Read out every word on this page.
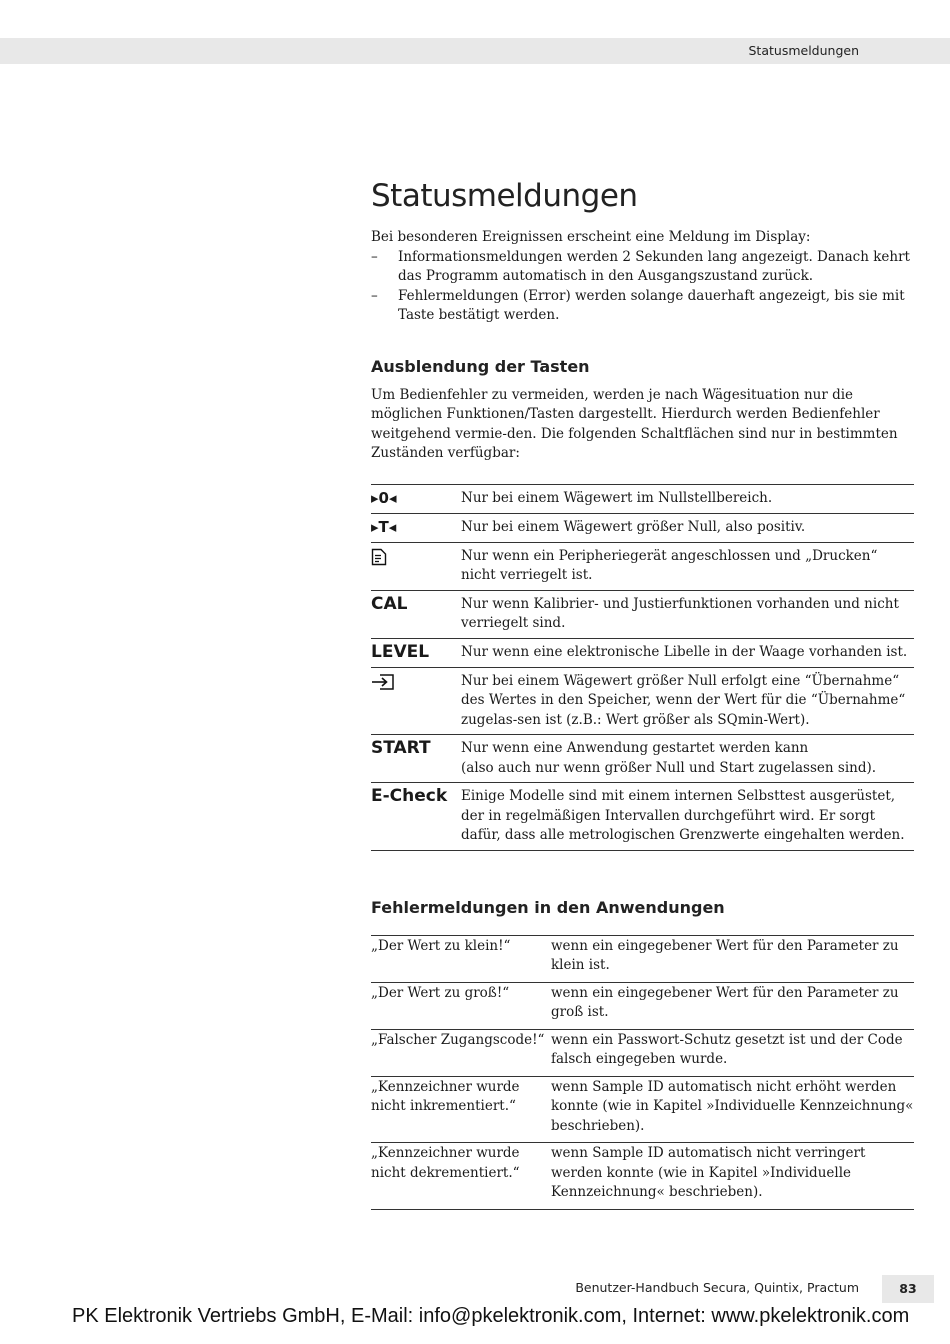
Statusmeldungen
Statusmeldungen

Bei besonderen Ereignissen erscheint eine Meldung im Display:

– Informationsmeldungen werden 2 Sekunden lang angezeigt. Danach kehrt das Programm automatisch in den Ausgangszustand zurück.
– Fehlermeldungen (Error) werden solange dauerhaft angezeigt, bis sie mit Taste bestätigt werden.
Ausblendung der Tasten
Um Bedienfehler zu vermeiden, werden je nach Wägesituation nur die möglichen Funktionen/Tasten dargestellt. Hierdurch werden Bedienfehler weitgehend vermie-den. Die folgenden Schaltflächen sind nur in bestimmten Zuständen verfügbar:
▸0◂	Nur bei einem Wägewert im Nullstellbereich.
▸T◂	Nur bei einem Wägewert größer Null, also positiv.

	Nur wenn ein Peripheriegerät angeschlossen und „Drucken“ nicht verriegelt ist.
CAL	Nur wenn Kalibrier- und Justierfunktionen vorhanden und nicht verriegelt sind.
LEVEL	Nur wenn eine elektronische Libelle in der Waage vorhanden ist.

	Nur bei einem Wägewert größer Null erfolgt eine “Übernahme“ des Wertes in den Speicher, wenn der Wert für die “Übernahme“ zugelas-sen ist (z.B.: Wert größer als SQmin-Wert).
START	Nur wenn eine Anwendung gestartet werden kann
(also auch nur wenn größer Null und Start zugelassen sind).

E-Check	Einige Modelle sind mit einem internen Selbsttest ausgerüstet, der in regelmäßigen Intervallen durchgeführt wird. Er sorgt dafür, dass alle metrologischen Grenzwerte eingehalten werden.
Fehlermeldungen in den Anwendungen
„Der Wert zu klein!“	wenn ein eingegebener Wert für den Parameter zu klein ist.
„Der Wert zu groß!“	wenn ein eingegebener Wert für den Parameter zu groß ist.
„Falscher Zugangscode!“	wenn ein Passwort-Schutz gesetzt ist und der Code falsch eingegeben wurde.
„Kennzeichner wurde nicht inkrementiert.“	wenn Sample ID automatisch nicht erhöht werden konnte (wie in Kapitel »Individuelle Kennzeichnung« beschrieben).
„Kennzeichner wurde nicht dekrementiert.“	wenn Sample ID automatisch nicht verringert werden konnte (wie in Kapitel »Individuelle Kennzeichnung« beschrieben).
Benutzer-Handbuch Secura, Quintix, Practum	83
PK Elektronik Vertriebs GmbH, E-Mail: info@pkelektronik.com, Internet: www.pkelektronik.com
